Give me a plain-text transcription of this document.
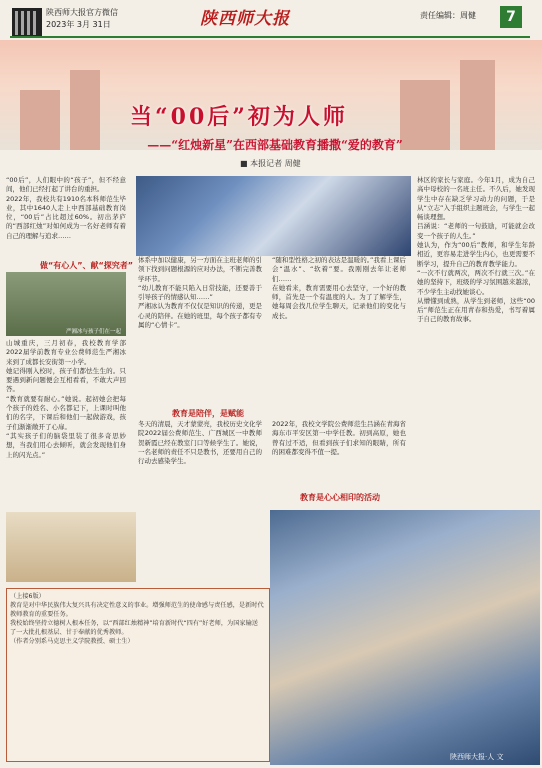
陕西师大报官方微信
2023年 3月 31日	陕西师大报	责任编辑：周健	7
当“00后”初为人师
——“红烛新星”在西部基础教育播撒“爱的教育”
■ 本报记者 周健
“00后”，人们眼中的“孩子”，但不经意间，他们已经打起了讲台的重担。
2022年，我校共有1910名本科师范生毕业，其中1640人走上中西部基础教育岗位，“00后”占比超过60%。初出茅庐的“西部红烛”对如何成为一名好老师有着自己的理解与追求……
做“有心人”、献“探究者”
严湘冰与孩子们在一起
山城重庆，三月初春，我校教育学部2022届学前教育专业公费师范生严湘冰来到了成都长安街第一小学。
她记得刚入校时，孩子们都怯生生的。只要遇到新问题便会互相看看，不敢大声回答。
“教育就要有耐心。”她说。起初她会把每个孩子的姓名、小名都记下，上课时叫他们的名字，下课后和他们一起做游戏，孩子们渐渐敞开了心扉。
“其实孩子们的脑袋里装了很多奇思妙想，当我们用心去倾听，就会发现他们身上的闪光点。”
体系中加以健康，另一方面在主班老师的引领下找到问题根源的应对办法，不断完善教学环节。
“幼儿教育不能只陷入日常技能，还要善于引导孩子的情感认知……”
严湘冰认为教育不仅仅是知识的传递，更是心灵的陪伴。在她的班里，每个孩子都有专属的“心情卡”。
教育是陪伴，是赋能
冬天的清晨，天才蒙蒙亮，我校历史文化学院2022届公费师范生、广西城区一中教师贺新霞已经在教室门口等候学生了。她说，一名老师的责任不只是教书，还要用自己的行动去感染学生。
“随和型性格之初的表达是温暖的。”我看上课后会“温水”、“软着”要。我刚刚去年让老师们……
在她看来，教育需要用心去坚守，一个好的教师，首先是一个有温度的人。为了了解学生，她每周会找几位学生聊天，记录他们的变化与成长。
2022年，我校文学院公费师范生吕涵在青海省海东市平安区第一中学任教。初到高原，她也曾有过不适，但看到孩子们求知的眼睛，所有的困难都变得不值一提。
教育是心心相印的活动
林区的家长与家庭。今年1月，成为自己高中母校的一名班主任。不久后，她发现学生中存在缺乏学习动力的问题，于是从“立志”入手组织主题班会，与学生一起畅谈理想。
吕涵说：“老师的一句鼓励，可能就会改变一个孩子的人生。”
她认为，作为“00后”教师，和学生年龄相近，更容易走进学生内心，也更需要不断学习，提升自己的教育教学能力。
“一次不行就两次，两次不行就三次。”在她的坚持下，班级的学习氛围越来越浓，不少学生主动找她谈心。
从懵懂到成熟，从学生到老师，这些“00后”师范生正在用青春和热爱，书写着属于自己的教育故事。
（上接6版）
教育是对中华民族伟大复兴具有决定性意义的事业。增强师范生的使命感与责任感，是新时代教师教育的重要任务。
我校始终坚持立德树人根本任务，以“西部红烛精神”培育新时代“四有”好老师，为国家输送了一大批扎根基层、甘于奉献的优秀教师。
（作者分别系马克思主义学院教授、硕士生）
陕西师大报·人 文
